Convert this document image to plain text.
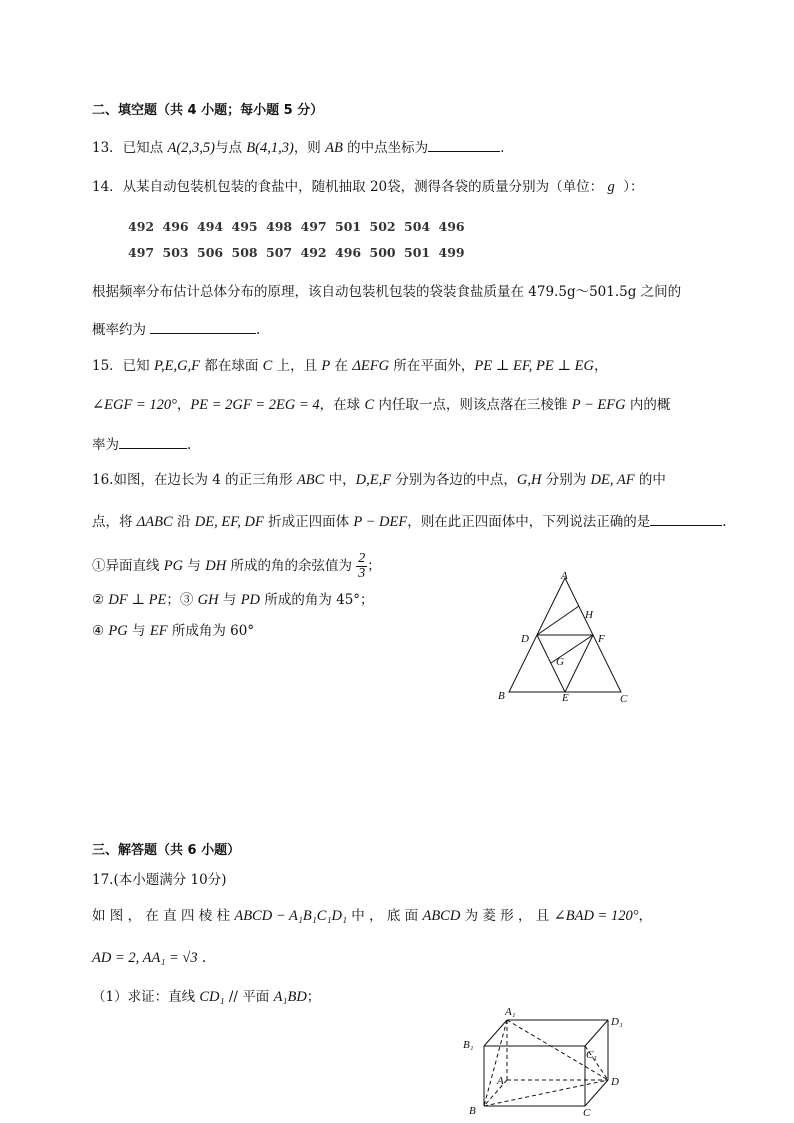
二、填空题（共 4 小题；每小题 5 分）
13．已知点 A(2,3,5)与点 B(4,1,3)，则 AB 的中点坐标为	.
14．从某自动包装机包装的食盐中，随机抽取 20袋，测得各袋的质量分别为（单位： g ）：
492 496 494 495 498 497 501 502 504 496
497 503 506 508 507 492 496 500 501 499
根据频率分布估计总体分布的原理，该自动包装机包装的袋装食盐质量在 479.5g～501.5g 之间的
概率约为	.
15．已知 P,E,G,F 都在球面 C 上，且 P 在 ΔEFG 所在平面外，PE ⊥ EF, PE ⊥ EG，
∠EGF = 120°，PE = 2GF = 2EG = 4，在球 C 内任取一点，则该点落在三棱锥 P − EFG 内的概
率为	.
16.如图，在边长为 4 的正三角形 ABC 中，D,E,F 分别为各边的中点，G,H 分别为 DE, AF 的中
点，将 ΔABC 沿 DE, EF, DF 折成正四面体 P − DEF，则在此正四面体中，下列说法正确的是	.
①异面直线 PG 与 DH 所成的角的余弦值为 $\frac{2}{3}$ ；
② DF ⊥ PE；③ GH 与 PD 所成的角为 45°；
④ PG 与 EF 所成角为 60°
A
B	C
D
E
F
G
H
三、解答题（共 6 小题）
17.(本小题满分 10分)
如 图 ， 在 直 四 棱 柱 ABCD − A₁B₁C₁D₁ 中 ， 底 面 ABCD 为 菱 形 ， 且 ∠BAD = 120°，
AD = 2, AA₁ = √3 .
（1）求证：直线 CD₁ // 平面 A₁BD；
A₁
D₁
B₁
C₁
A	D
B	C
